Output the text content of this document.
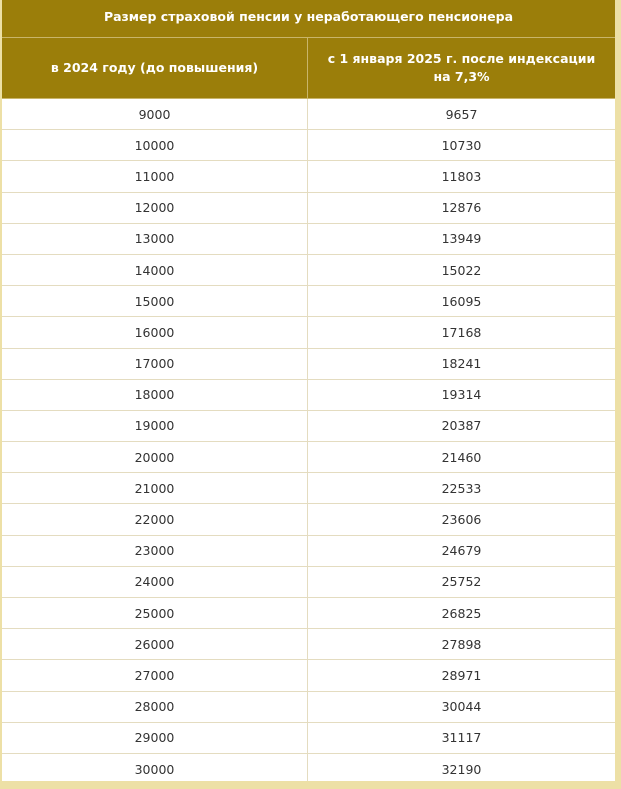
Размер страховой пенсии у неработающего пенсионера
в 2024 году (до повышения)
с 1 января 2025 г. после индексации на 7,3%
9000	9657
10000	10730
11000	11803
12000	12876
13000	13949
14000	15022
15000	16095
16000	17168
17000	18241
18000	19314
19000	20387
20000	21460
21000	22533
22000	23606
23000	24679
24000	25752
25000	26825
26000	27898
27000	28971
28000	30044
29000	31117
30000	32190
